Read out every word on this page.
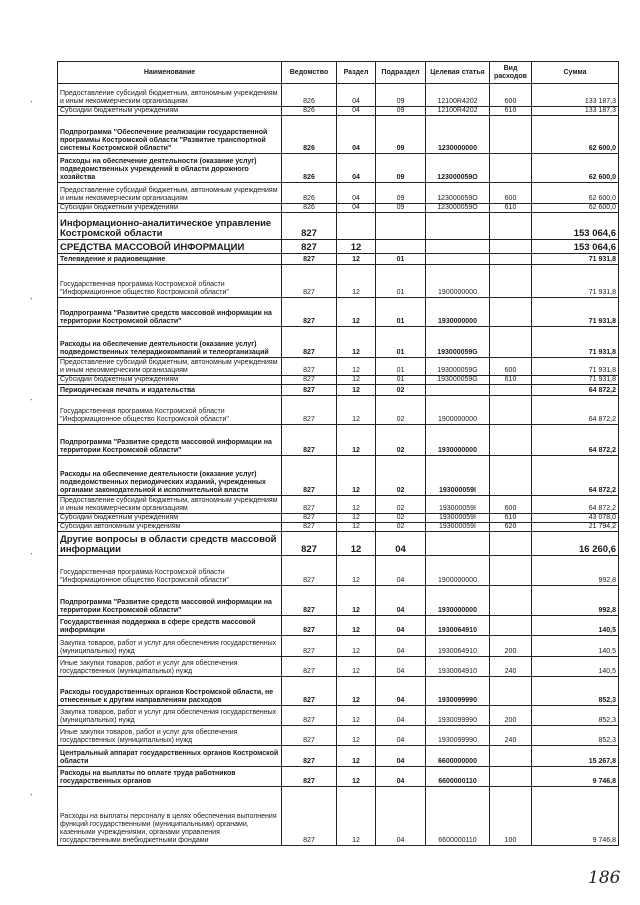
Наименование	Ведомство	Раздел	Подраздел	Целевая статья	Вид расходов	Сумма
Предоставление субсидий бюджетным, автономным учреждениям и иным некоммерческим организациям	826	04	09	12100R4202	600	133 187,3
Субсидии бюджетным учреждениям	826	04	09	12100R4202	610	133 187,3
Подпрограмма "Обеспечение реализации государственной программы Костромской области "Развитие транспортной системы Костромской области"	826	04	09	1230000000		62 600,0
Расходы на обеспечение деятельности (оказание услуг) подведомственных учреждений в области дорожного хозяйства	826	04	09	123000059О		62 600,0
Предоставление субсидий бюджетным, автономным учреждениям и иным некоммерческим организациям	826	04	09	123000059О	600	62 600,0
Субсидии бюджетным учреждениям	826	04	09	123000059О	610	62 600,0
Информационно-аналитическое управление Костромской области	827					153 064,6
СРЕДСТВА МАССОВОЙ ИНФОРМАЦИИ	827	12				153 064,6
Телевидение и радиовещание	827	12	01			71 931,8
Государственная программа Костромской области "Информационное общество Костромской области"	827	12	01	1900000000		71 931,8
Подпрограмма "Развитие средств массовой информации на территории Костромской области"	827	12	01	1930000000		71 931,8
Расходы на обеспечение деятельности (оказание услуг) подведомственных телерадиокомпаний и телеорганизаций	827	12	01	193000059G		71 931,8
Предоставление субсидий бюджетным, автономным учреждениям и иным некоммерческим организациям	827	12	01	193000059G	600	71 931,8
Субсидии бюджетным учреждениям	827	12	01	193000059G	610	71 931,8
Периодическая печать и издательства	827	12	02			64 872,2
Государственная программа Костромской области "Информационное общество Костромской области"	827	12	02	1900000000		64 872,2
Подпрограмма "Развитие средств массовой информации на территории Костромской области"	827	12	02	1930000000		64 872,2
Расходы на обеспечение деятельности (оказание услуг) подведомственных периодических изданий, учрежденных органами законодательной и исполнительной власти	827	12	02	193000059I		64 872,2
Предоставление субсидий бюджетным, автономным учреждениям и иным некоммерческим организациям	827	12	02	193000059I	600	64 872,2
Субсидии бюджетным учреждениям	827	12	02	193000059I	610	43 078,0
Субсидии автономным учреждениям	827	12	02	193000059I	620	21 794,2
Другие вопросы в области средств массовой информации	827	12	04			16 260,6
Государственная программа Костромской области "Информационное общество Костромской области"	827	12	04	1900000000		992,8
Подпрограмма "Развитие средств массовой информации на территории Костромской области"	827	12	04	1930000000		992,8
Государственная поддержка в сфере средств массовой информации	827	12	04	1930064910		140,5
Закупка товаров, работ и услуг для обеспечения государственных (муниципальных) нужд	827	12	04	1930064910	200	140,5
Иные закупки товаров, работ и услуг для обеспечения государственных (муниципальных) нужд	827	12	04	1930064910	240	140,5
Расходы государственных органов Костромской области, не отнесенные к другим направлениям расходов	827	12	04	1930099990		852,3
Закупка товаров, работ и услуг для обеспечения государственных (муниципальных) нужд	827	12	04	1930099990	200	852,3
Иные закупки товаров, работ и услуг для обеспечения государственных (муниципальных) нужд	827	12	04	1930099990	240	852,3
Центральный аппарат государственных органов Костромской области	827	12	04	6600000000		15 267,8
Расходы на выплаты по оплате труда работников государственных органов	827	12	04	6600000110		9 746,8
Расходы на выплаты персоналу в целях обеспечения выполнения функций государственными (муниципальными) органами, казенными учреждениями, органами управления государственными внебюджетными фондами	827	12	04	6600000110	100	9 746,8
`
`
`
`
`
186
